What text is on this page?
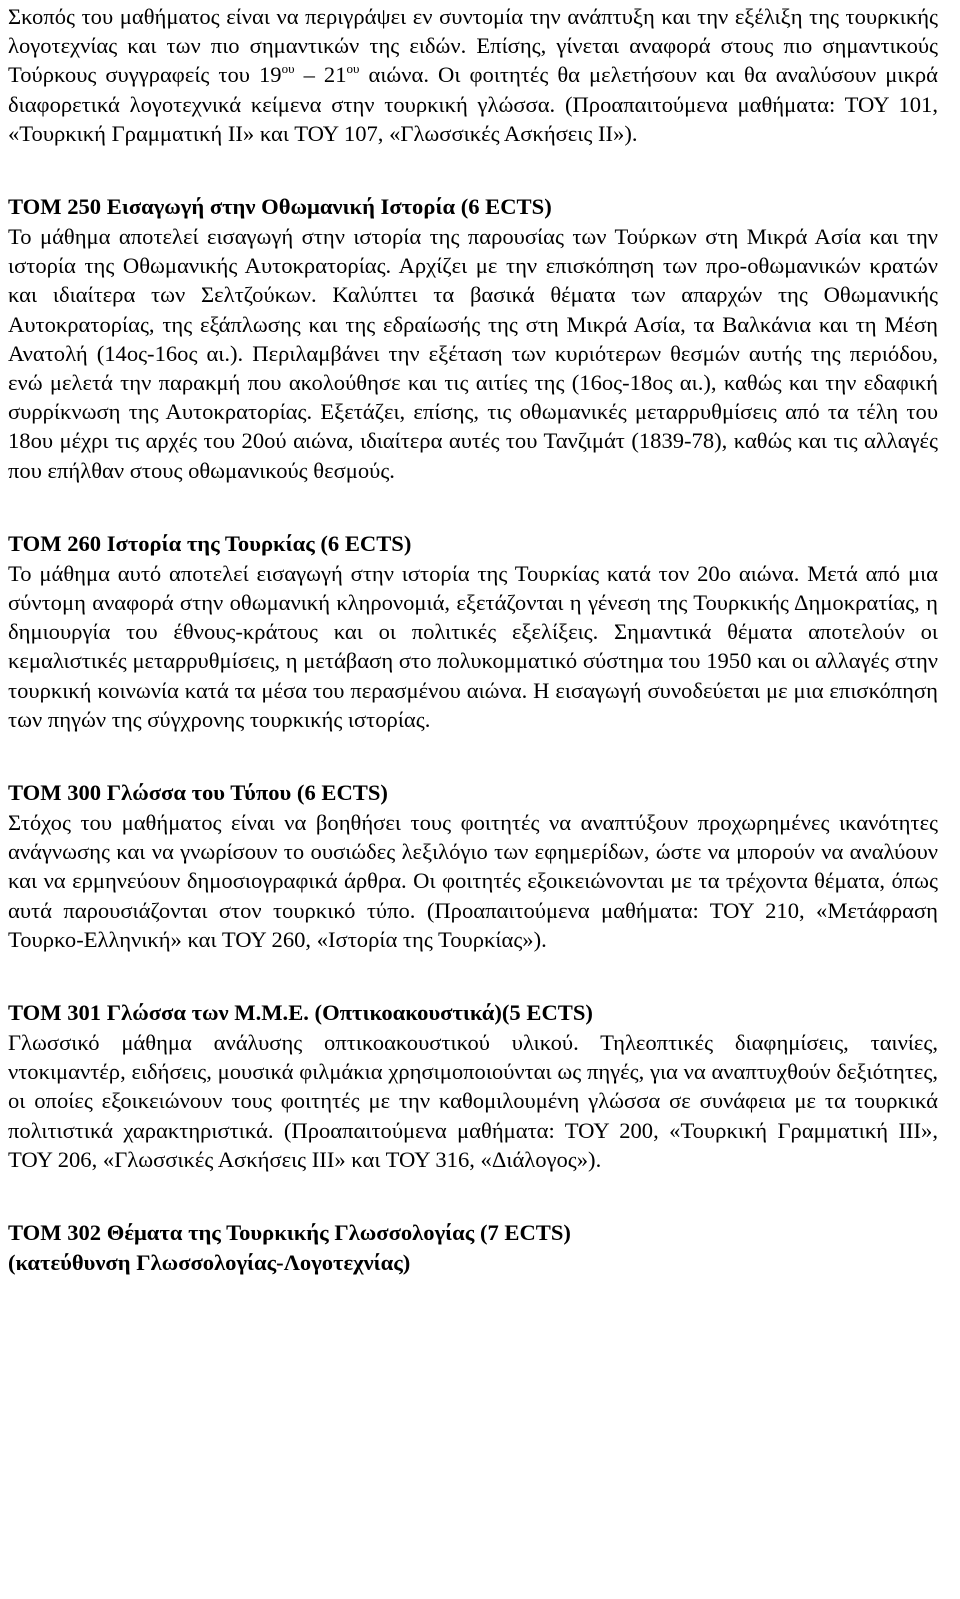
Σκοπός του μαθήματος είναι να περιγράψει εν συντομία την ανάπτυξη και την εξέλιξη της τουρκικής λογοτεχνίας και των πιο σημαντικών της ειδών. Επίσης, γίνεται αναφορά στους πιο σημαντικούς Τούρκους συγγραφείς του $19^{o\upsilon} - 21^{o\upsilon}$ αιώνα. Οι φοιτητές θα μελετήσουν και θα αναλύσουν μικρά διαφορετικά λογοτεχνικά κείμενα στην τουρκική γλώσσα. (Προαπαιτούμενα μαθήματα: ΤΟΥ 101, «Τουρκική Γραμματική ΙΙ» και ΤΟΥ 107, «Γλωσσικές Ασκήσεις ΙΙ»).

ΤΟΜ 250 Εισαγωγή στην Οθωμανική Ιστορία (6 ECTS)

Το μάθημα αποτελεί εισαγωγή στην ιστορία της παρουσίας των Τούρκων στη Μικρά Ασία και την ιστορία της Οθωμανικής Αυτοκρατορίας. Αρχίζει με την επισκόπηση των προ-οθωμανικών κρατών και ιδιαίτερα των Σελτζούκων. Καλύπτει τα βασικά θέματα των απαρχών της Οθωμανικής Αυτοκρατορίας, της εξάπλωσης και της εδραίωσής της στη Μικρά Ασία, τα Βαλκάνια και τη Μέση Ανατολή (14ος-16ος αι.). Περιλαμβάνει την εξέταση των κυριότερων θεσμών αυτής της περιόδου, ενώ μελετά την παρακμή που ακολούθησε και τις αιτίες της (16ος-18ος αι.), καθώς και την εδαφική συρρίκνωση της Αυτοκρατορίας. Εξετάζει, επίσης, τις οθωμανικές μεταρρυθμίσεις από τα τέλη του 18ου μέχρι τις αρχές του 20ού αιώνα, ιδιαίτερα αυτές του Τανζιμάτ (1839-78), καθώς και τις αλλαγές που επήλθαν στους οθωμανικούς θεσμούς.

ΤΟΜ 260 Ιστορία της Τουρκίας (6 ECTS)

Το μάθημα αυτό αποτελεί εισαγωγή στην ιστορία της Τουρκίας κατά τον 20ο αιώνα. Μετά από μια σύντομη αναφορά στην οθωμανική κληρονομιά, εξετάζονται η γένεση της Τουρκικής Δημοκρατίας, η δημιουργία του έθνους-κράτους και οι πολιτικές εξελίξεις. Σημαντικά θέματα αποτελούν οι κεμαλιστικές μεταρρυθμίσεις, η μετάβαση στο πολυκομματικό σύστημα του 1950 και οι αλλαγές στην τουρκική κοινωνία κατά τα μέσα του περασμένου αιώνα. Η εισαγωγή συνοδεύεται με μια επισκόπηση των πηγών της σύγχρονης τουρκικής ιστορίας.

ΤΟΜ 300 Γλώσσα του Τύπου (6 ECTS)

Στόχος του μαθήματος είναι να βοηθήσει τους φοιτητές να αναπτύξουν προχωρημένες ικανότητες ανάγνωσης και να γνωρίσουν το ουσιώδες λεξιλόγιο των εφημερίδων, ώστε να μπορούν να αναλύουν και να ερμηνεύουν δημοσιογραφικά άρθρα. Οι φοιτητές εξοικειώνονται με τα τρέχοντα θέματα, όπως αυτά παρουσιάζονται στον τουρκικό τύπο. (Προαπαιτούμενα μαθήματα: ΤΟΥ 210, «Μετάφραση Τουρκο-Ελληνική» και ΤΟΥ 260, «Ιστορία της Τουρκίας»).

ΤΟΜ 301 Γλώσσα των Μ.Μ.Ε. (Οπτικοακουστικά)(5 ECTS)

Γλωσσικό μάθημα ανάλυσης οπτικοακουστικού υλικού. Τηλεοπτικές διαφημίσεις, ταινίες, ντοκιμαντέρ, ειδήσεις, μουσικά φιλμάκια χρησιμοποιούνται ως πηγές, για να αναπτυχθούν δεξιότητες, οι οποίες εξοικειώνουν τους φοιτητές με την καθομιλουμένη γλώσσα σε συνάφεια με τα τουρκικά πολιτιστικά χαρακτηριστικά. (Προαπαιτούμενα μαθήματα: ΤΟΥ 200, «Τουρκική Γραμματική ΙΙΙ», ΤΟΥ 206, «Γλωσσικές Ασκήσεις ΙΙΙ» και ΤΟΥ 316, «Διάλογος»).

ΤΟΜ 302 Θέματα της Τουρκικής Γλωσσολογίας (7 ECTS)

(κατεύθυνση Γλωσσολογίας-Λογοτεχνίας)
